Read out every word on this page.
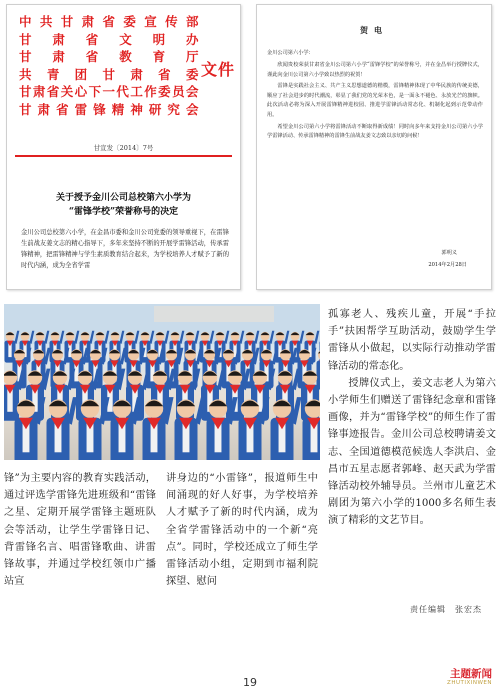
中共甘肃省委宣传部
甘肃省文明办
甘肃省教育厅
共青团甘肃省委
甘肃省关心下一代工作委员会
甘肃省雷锋精神研究会
文件
甘宣发〔2014〕7号
关于授予金川公司总校第六小学为
“雷锋学校”荣誉称号的决定
金川公司总校第六小学，在金昌市委和金川公司党委的领导重视下，在雷锋生前战友姜文志的精心指导下，多年来坚持不断的开展学雷锋活动，传承雷锋精神，把雷锋精神与学生素质教育结合起来，为学校培养人才赋予了新的时代内涵，成为全省学雷
贺电
金川公司第六小学：

欣闻贵校荣获甘肃省金川公司第六小学“雷锋学校”的荣誉称号，并在金昌举行授牌仪式，谨此向金川公司第六小学致以热烈的祝贺！

雷锋是实践社会主义、共产主义思想道德的楷模，雷锋精神体现了中华民族的传统美德，顺应了社会进步的时代潮流，彰显了我们党的光荣本色，是一面永不褪色、永放光芒的旗帜。此次活动必将为深入开展雷锋精神进校园、推进学雷锋活动常态化、机制化起到示范带动作用。

希望金川公司第六小学将雷锋活动不断取得新成绩！同时向多年来支持金川公司第六小学学雷锋活动、传承雷锋精神的雷锋生前战友姜文志致以亲切的问候！

郭明义
2014年2月28日

孤寡老人、残疾儿童，开展“手拉手”扶困帮学互助活动，鼓励学生学雷锋从小做起，以实际行动推动学雷锋活动的常态化。

授牌仪式上，姜文志老人为第六小学师生们赠送了雷锋纪念章和雷锋画像，并为“雷锋学校”的师生作了雷锋事迹报告。金川公司总校聘请姜文志、全国道德模范候选人李洪启、金昌市五星志愿者郭峰、赵天武为学雷锋活动校外辅导员。兰州市儿童艺术剧团为第六小学的1000多名师生表演了精彩的文艺节目。

锋”为主要内容的教育实践活动，通过评选学雷锋先进班级和“雷锋之星、定期开展学雷锋主题班队会等活动，让学生学雷锋日记、背雷锋名言、唱雷锋歌曲、讲雷锋故事，并通过学校红领巾广播站宣
讲身边的“小雷锋”，报道师生中间涌现的好人好事，为学校培养人才赋予了新的时代内涵，成为全省学雷锋活动中的一个新“亮点”。同时，学校还成立了师生学雷锋活动小组，定期到市福利院探望、慰问
责任编辑　张宏杰
19
主题新闻
ZHUTIXINWEN
